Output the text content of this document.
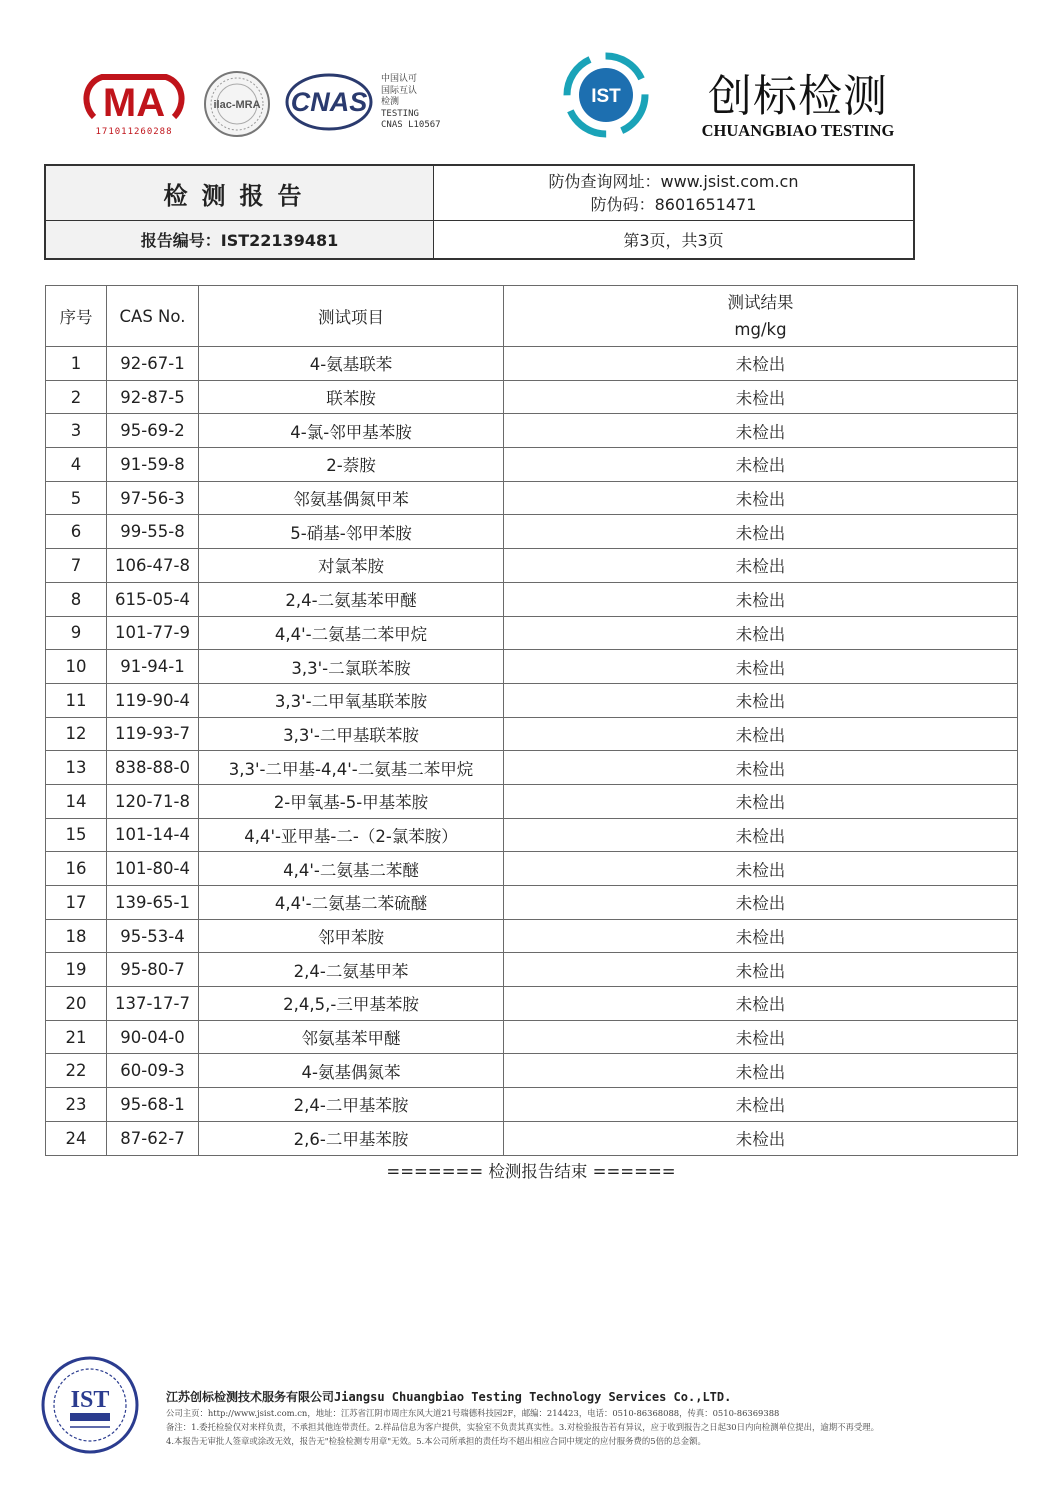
MA
171011260288
ilac-MRA CNAS
中国认可
国际互认
检测
TESTING
CNAS L10567
IST 创标检测
CHUANGBIAO TESTING
检测报告	防伪查询网址：www.jsist.com.cn
防伪码：8601651471
报告编号：IST22139481	第3页，共3页
序号	CAS No.	测试项目	测试结果
mg/kg

1	92-67-1	4-氨基联苯	未检出
2	92-87-5	联苯胺	未检出
3	95-69-2	4-氯-邻甲基苯胺	未检出
4	91-59-8	2-萘胺	未检出
5	97-56-3	邻氨基偶氮甲苯	未检出
6	99-55-8	5-硝基-邻甲苯胺	未检出
7	106-47-8	对氯苯胺	未检出
8	615-05-4	2,4-二氨基苯甲醚	未检出
9	101-77-9	4,4'-二氨基二苯甲烷	未检出
10	91-94-1	3,3'-二氯联苯胺	未检出
11	119-90-4	3,3'-二甲氧基联苯胺	未检出
12	119-93-7	3,3'-二甲基联苯胺	未检出
13	838-88-0	3,3'-二甲基-4,4'-二氨基二苯甲烷	未检出
14	120-71-8	2-甲氧基-5-甲基苯胺	未检出
15	101-14-4	4,4'-亚甲基-二-（2-氯苯胺）	未检出
16	101-80-4	4,4'-二氨基二苯醚	未检出
17	139-65-1	4,4'-二氨基二苯硫醚	未检出
18	95-53-4	邻甲苯胺	未检出
19	95-80-7	2,4-二氨基甲苯	未检出
20	137-17-7	2,4,5,-三甲基苯胺	未检出
21	90-04-0	邻氨基苯甲醚	未检出
22	60-09-3	4-氨基偶氮苯	未检出
23	95-68-1	2,4-二甲基苯胺	未检出
24	87-62-7	2,6-二甲基苯胺	未检出
======= 检测报告结束 ======
IST	江苏创标检测技术服务有限公司Jiangsu Chuangbiao Testing Technology Services Co.,LTD.
公司主页：http://www.jsist.com.cn，地址：江苏省江阴市周庄东风大道21号瑞德科技园2F，邮编：214423，电话：0510-86368088，传真：0510-86369388
备注：1.委托检验仅对来样负责，不承担其他连带责任。2.样品信息为客户提供，实验室不负责其真实性。3.对检验报告若有异议，应于收到报告之日起30日内向检测单位提出，逾期不再受理。
4.本报告无审批人签章或涂改无效，报告无"检验检测专用章"无效。5.本公司所承担的责任均不超出相应合同中规定的应付服务费的5倍的总金额。
